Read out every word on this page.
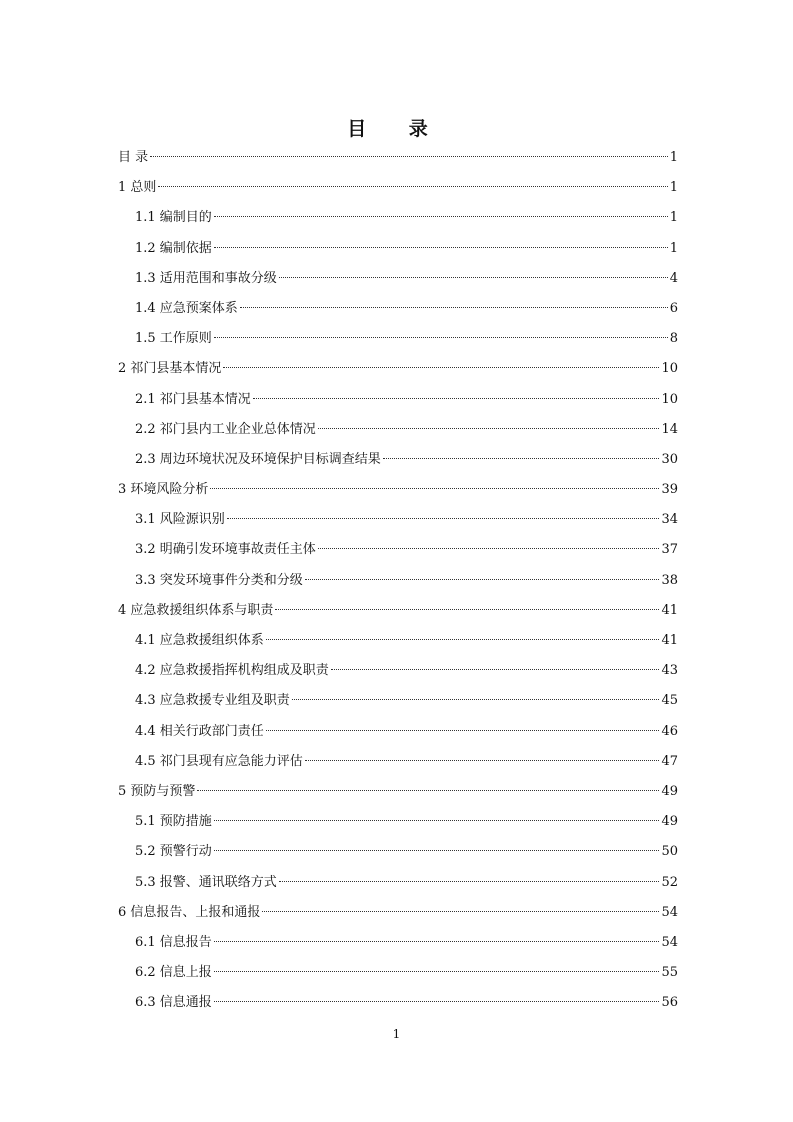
目 录
目 录	1
1 总则	1
1.1 编制目的	1
1.2 编制依据	1
1.3 适用范围和事故分级	4
1.4 应急预案体系	6
1.5 工作原则	8
2 祁门县基本情况	10
2.1 祁门县基本情况	10
2.2 祁门县内工业企业总体情况	14
2.3 周边环境状况及环境保护目标调查结果	30
3 环境风险分析	39
3.1 风险源识别	34
3.2 明确引发环境事故责任主体	37
3.3 突发环境事件分类和分级	38
4 应急救援组织体系与职责	41
4.1 应急救援组织体系	41
4.2 应急救援指挥机构组成及职责	43
4.3 应急救援专业组及职责	45
4.4 相关行政部门责任	46
4.5 祁门县现有应急能力评估	47
5 预防与预警	49
5.1 预防措施	49
5.2 预警行动	50
5.3 报警、通讯联络方式	52
6 信息报告、上报和通报	54
6.1 信息报告	54
6.2 信息上报	55
6.3 信息通报	56
1
